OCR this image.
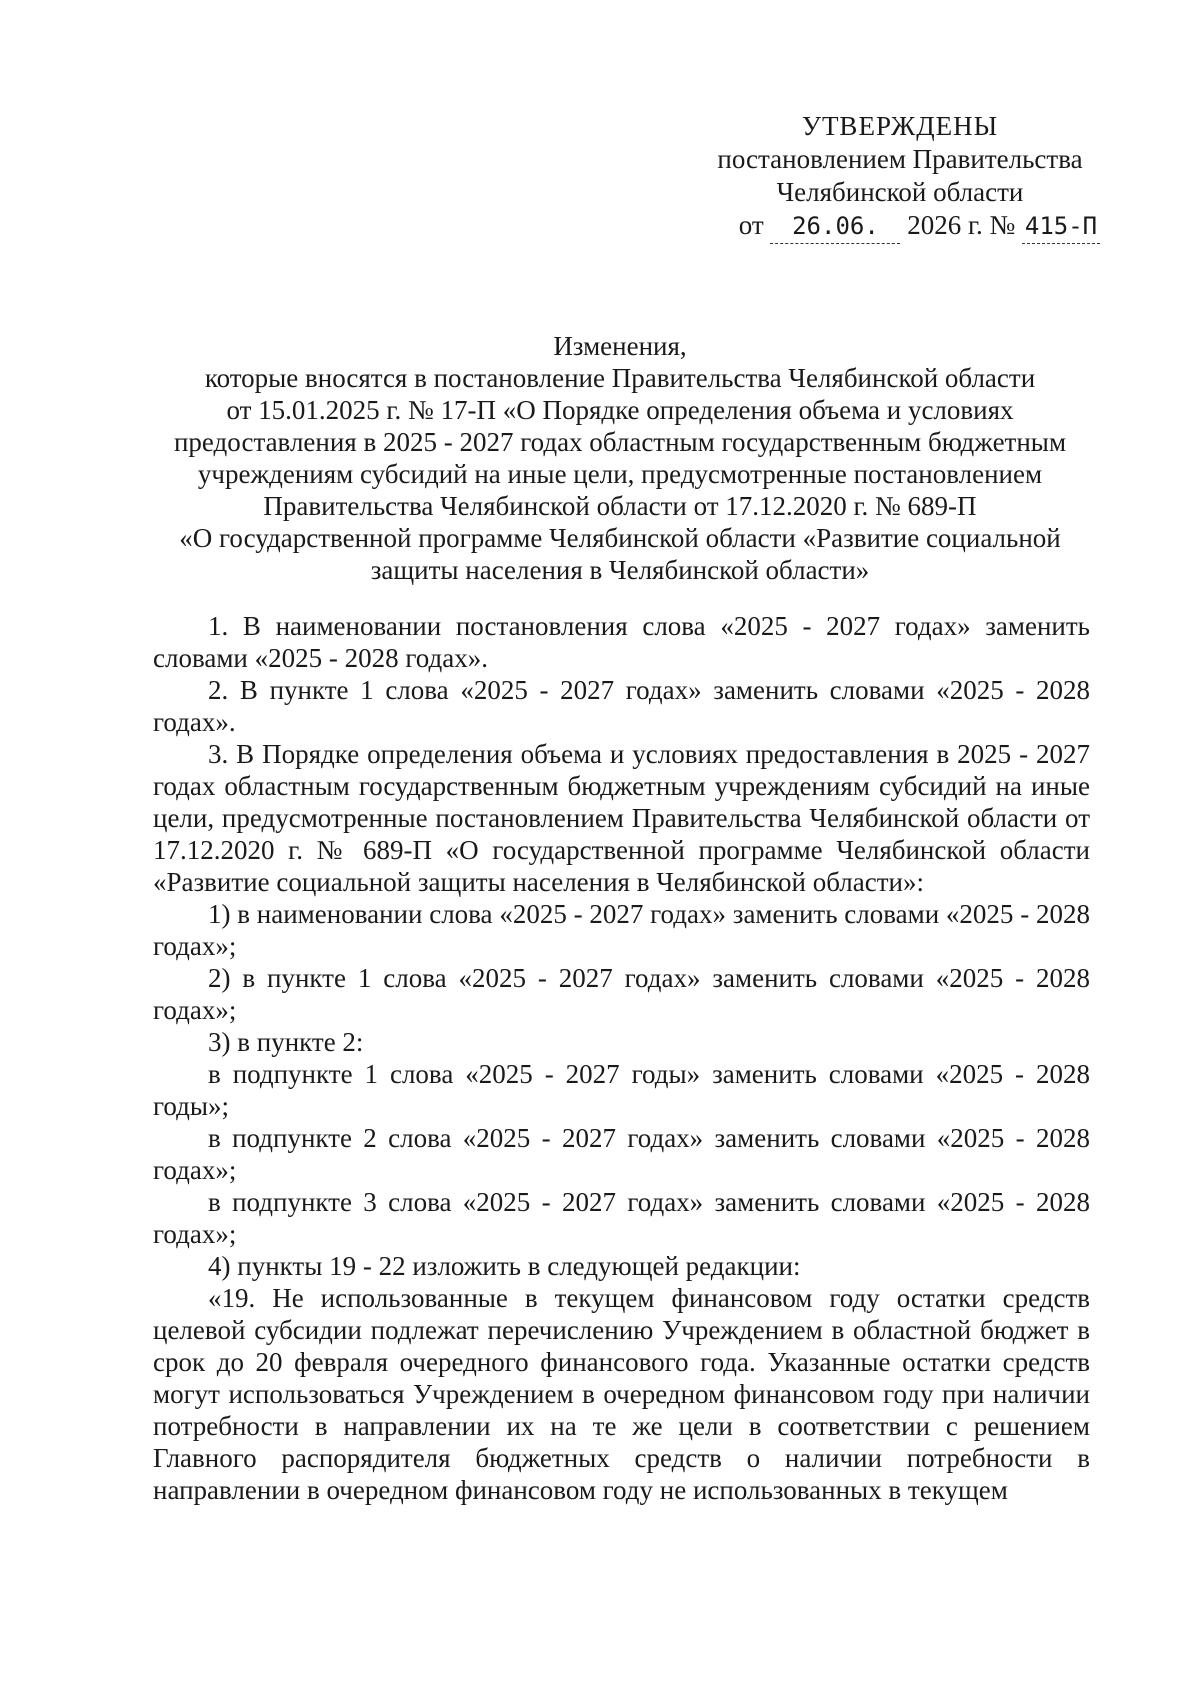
УТВЕРЖДЕНЫ
постановлением Правительства
Челябинской области
от 26.06. 2026 г. № 415-П
Изменения,
которые вносятся в постановление Правительства Челябинской области
от 15.01.2025 г. № 17-П «О Порядке определения объема и условиях
предоставления в 2025 - 2027 годах областным государственным бюджетным
учреждениям субсидий на иные цели, предусмотренные постановлением
Правительства Челябинской области от 17.12.2020 г. № 689-П
«О государственной программе Челябинской области «Развитие социальной
защиты населения в Челябинской области»

1. В наименовании постановления слова «2025 - 2027 годах» заменить словами «2025 - 2028 годах».

2. В пункте 1 слова «2025 - 2027 годах» заменить словами «2025 - 2028 годах».

3. В Порядке определения объема и условиях предоставления в 2025 - 2027 годах областным государственным бюджетным учреждениям субсидий на иные цели, предусмотренные постановлением Правительства Челябинской области от 17.12.2020 г. № 689-П «О государственной программе Челябинской области «Развитие социальной защиты населения в Челябинской области»:

1) в наименовании слова «2025 - 2027 годах» заменить словами «2025 - 2028 годах»;

2) в пункте 1 слова «2025 - 2027 годах» заменить словами «2025 - 2028 годах»;

3) в пункте 2:

в подпункте 1 слова «2025 - 2027 годы» заменить словами «2025 - 2028 годы»;

в подпункте 2 слова «2025 - 2027 годах» заменить словами «2025 - 2028 годах»;

в подпункте 3 слова «2025 - 2027 годах» заменить словами «2025 - 2028 годах»;

4) пункты 19 - 22 изложить в следующей редакции:

«19. Не использованные в текущем финансовом году остатки средств целевой субсидии подлежат перечислению Учреждением в областной бюджет в срок до 20 февраля очередного финансового года. Указанные остатки средств могут использоваться Учреждением в очередном финансовом году при наличии потребности в направлении их на те же цели в соответствии с решением Главного распорядителя бюджетных средств о наличии потребности в направлении в очередном финансовом году не использованных в текущем
